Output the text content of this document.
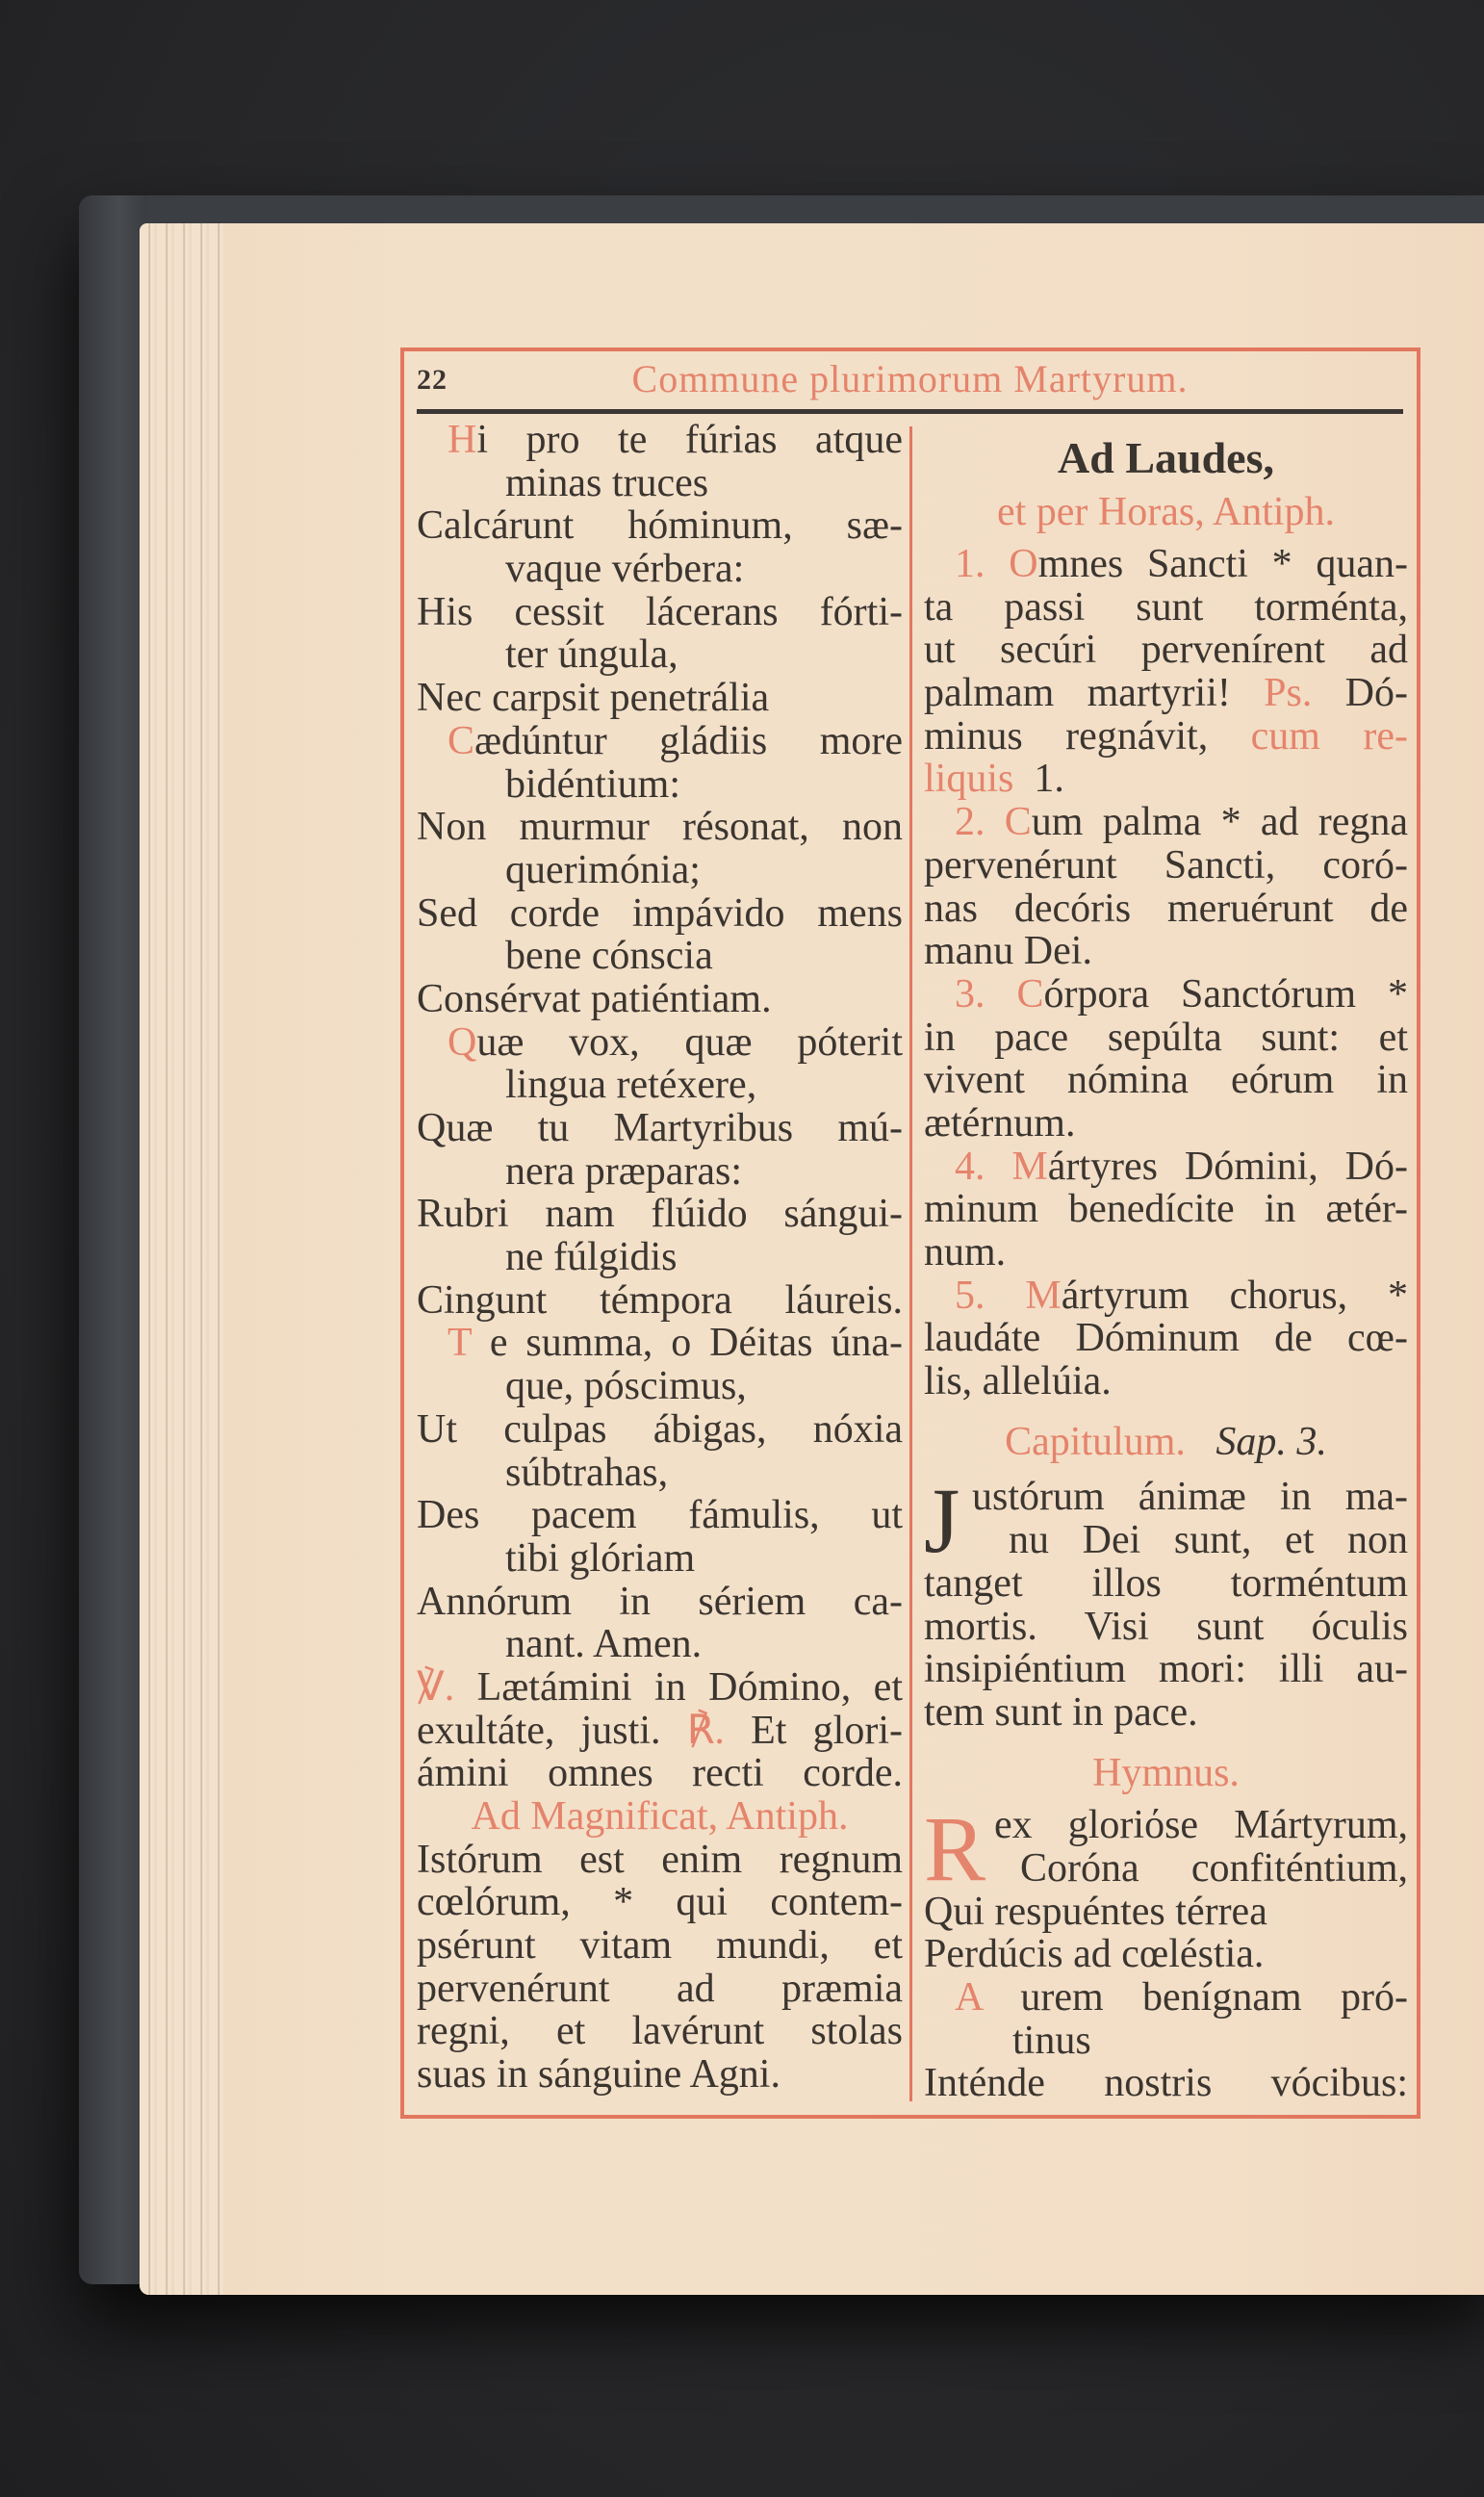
22	Commune plurimorum Martyrum.
Hi pro te fúrias atque
minas truces
Calcárunt hóminum, sæ-
vaque vérbera:
His cessit lácerans fórti-
ter úngula,
Nec carpsit penetrália
Cædúntur gládiis more
bidéntium:
Non murmur résonat, non
querimónia;
Sed corde impávido mens
bene cónscia
Consérvat patiéntiam.
Quæ vox, quæ póterit
lingua retéxere,
Quæ tu Martyribus mú-
nera præparas:
Rubri nam flúido sángui-
ne fúlgidis
Cingunt témpora láureis.
T e summa, o Déitas úna-
que, póscimus,
Ut culpas ábigas, nóxia
súbtrahas,
Des pacem fámulis, ut
tibi glóriam
Annórum in sériem ca-
nant. Amen.
℣. Lætámini in Dómino, et
exultáte, justi. ℟. Et glori-
ámini omnes recti corde.
Ad Magnificat, Antiph.
Istórum est enim regnum
cœlórum, * qui contem-
psérunt vitam mundi, et
pervenérunt ad præmia
regni, et lavérunt stolas
suas in sánguine Agni.
Ad Laudes,
et per Horas, Antiph.
1. Omnes Sancti * quan-
ta passi sunt torménta,
ut secúri pervenírent ad
palmam martyrii! Ps. Dó-
minus regnávit, cum re-
liquis  1.
2. Cum palma * ad regna
pervenérunt Sancti, coró-
nas decóris meruérunt de
manu Dei.
3. Córpora Sanctórum *
in pace sepúlta sunt: et
vivent nómina eórum in
ætérnum.
4. Mártyres Dómini, Dó-
minum benedícite in ætér-
num.
5. Mártyrum chorus, *
laudáte Dóminum de cœ-
lis, allelúia.
Capitulum. Sap. 3.
J ustórum ánimæ in ma-
nu Dei sunt, et non
tanget illos torméntum
mortis. Visi sunt óculis
insipiéntium mori: illi au-
tem sunt in pace.
Hymnus.
R ex gloriόse Mártyrum,
Coróna confiténtium,
Qui respuéntes térrea
Perdúcis ad cœléstia.
A urem benígnam pró-
tinus
Inténde nostris vócibus:
